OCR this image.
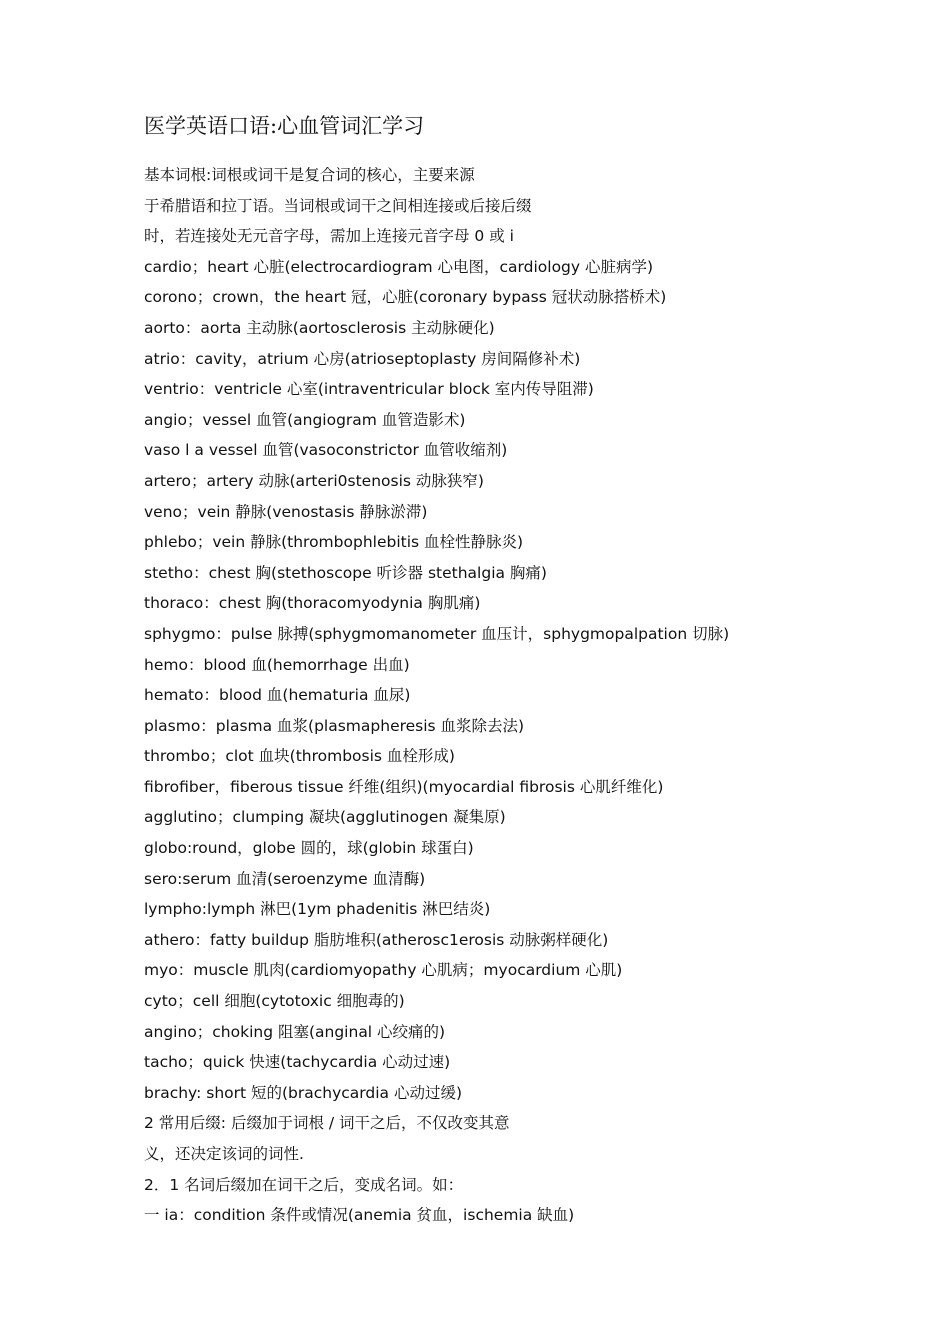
医学英语口语:心血管词汇学习
基本词根:词根或词干是复合词的核心，主要来源
于希腊语和拉丁语。当词根或词干之间相连接或后接后缀
时，若连接处无元音字母，需加上连接元音字母 0 或 i
cardio；heart 心脏(electrocardiogram 心电图，cardiology 心脏病学)
corono；crown，the heart 冠，心脏(coronary bypass 冠状动脉搭桥术)
aorto：aorta 主动脉(aortosclerosis 主动脉硬化)
atrio：cavity，atrium 心房(atrioseptoplasty 房间隔修补术)
ventrio：ventricle 心室(intraventricular block 室内传导阻滞)
angio；vessel 血管(angiogram 血管造影术)
vaso l a vessel 血管(vasoconstrictor 血管收缩剂)
artero；artery 动脉(arteri0stenosis 动脉狭窄)
veno；vein 静脉(venostasis 静脉淤滞)
phlebo；vein 静脉(thrombophlebitis 血栓性静脉炎)
stetho：chest 胸(stethoscope 听诊器 stethalgia 胸痛)
thoraco：chest 胸(thoracomyodynia 胸肌痛)
sphygmo：pulse 脉搏(sphygmomanometer 血压计，sphygmopalpation 切脉)
hemo：blood 血(hemorrhage 出血)
hemato：blood 血(hematuria 血尿)
plasmo：plasma 血浆(plasmapheresis 血浆除去法)
thrombo；clot 血块(thrombosis 血栓形成)
fibrofiber，fiberous tissue 纤维(组织)(myocardial fibrosis 心肌纤维化)
agglutino；clumping 凝块(agglutinogen 凝集原)
globo:round，globe 圆的，球(globin 球蛋白)
sero:serum 血清(seroenzyme 血清酶)
lympho:lymph 淋巴(1ym phadenitis 淋巴结炎)
athero：fatty buildup 脂肪堆积(atherosc1erosis 动脉粥样硬化)
myo：muscle 肌肉(cardiomyopathy 心肌病；myocardium 心肌)
cyto；cell 细胞(cytotoxic 细胞毒的)
angino；choking 阻塞(anginal 心绞痛的)
tacho；quick 快速(tachycardia 心动过速)
brachy: short 短的(brachycardia 心动过缓)
2 常用后缀: 后缀加于词根 / 词干之后，不仅改变其意
义，还决定该词的词性.
2．1 名词后缀加在词干之后，变成名词。如：
一 ia：condition 条件或情况(anemia 贫血，ischemia 缺血)
